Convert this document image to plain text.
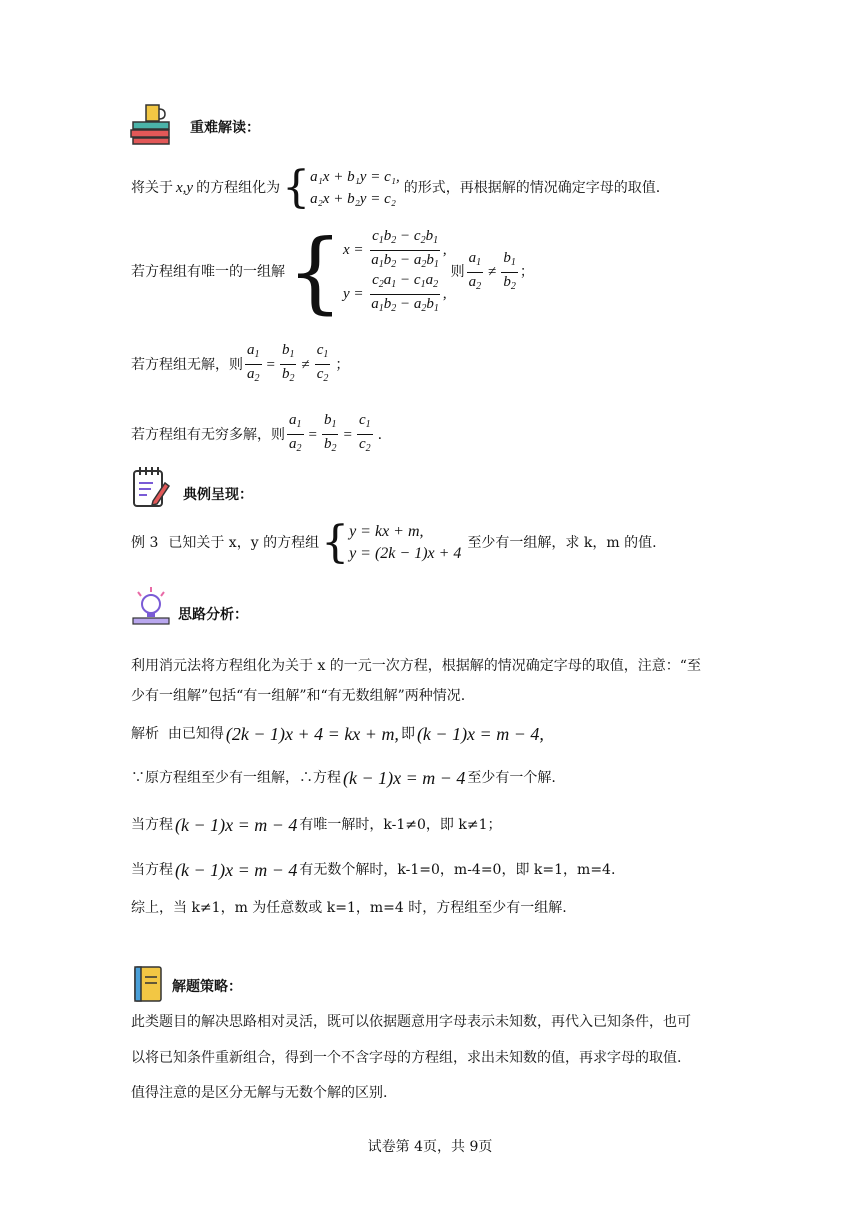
重难解读：
将关于 x,y 的方程组化为 { a₁x + b₁y = c₁,
a₂x + b₂y = c₂
的形式，再根据解的情况确定字母的取值.
若方程组有唯一的一组解 { $x = \frac{c_1b_2 - c_2b_1}{a_1b_2 - a_2b_1}$ ,
$y = \frac{c_2a_1 - c_1a_2}{a_1b_2 - a_2b_1}$ ,
则 $\frac{a_1}{a_2} \ne \frac{b_1}{b_2}$ ；
若方程组无解，则 $\frac{a_1}{a_2} = \frac{b_1}{b_2} \ne \frac{c_1}{c_2}$ ；
若方程组有无穷多解，则 $\frac{a_1}{a_2} = \frac{b_1}{b_2} = \frac{c_1}{c_2}$ .
典例呈现：
例 3 已知关于 x，y 的方程组 { y = kx + m,
y = (2k − 1)x + 4
至少有一组解，求 k，m 的值.
思路分析：
利用消元法将方程组化为关于 x 的一元一次方程，根据解的情况确定字母的取值，注意：“至
少有一组解”包括“有一组解”和“有无数组解”两种情况.
解析  由已知得 (2k − 1)x + 4 = kx + m, 即 (k − 1)x = m − 4,
∵原方程组至少有一组解，∴方程 (k − 1)x = m − 4 至少有一个解.
当方程 (k − 1)x = m − 4 有唯一解时，k-1≠0，即 k≠1；
当方程 (k − 1)x = m − 4 有无数个解时，k-1=0，m-4=0，即 k=1，m=4.
综上，当 k≠1，m 为任意数或 k=1，m=4 时，方程组至少有一组解.
解题策略：
此类题目的解决思路相对灵活，既可以依据题意用字母表示未知数，再代入已知条件，也可
以将已知条件重新组合，得到一个不含字母的方程组，求出未知数的值，再求字母的取值.
值得注意的是区分无解与无数个解的区别.
试卷第 4页，共 9页
